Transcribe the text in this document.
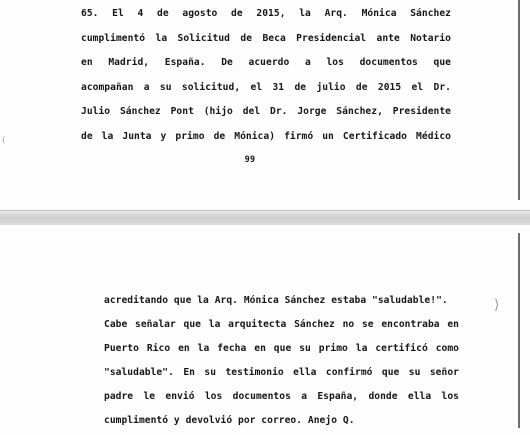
65. El 4 de agosto de 2015, la Arq. Mónica Sánchez
cumplimentó la Solicitud de Beca Presidencial ante Notario
en Madrid, España. De acuerdo a los documentos que
acompañan a su solicitud, el 31 de julio de 2015 el Dr.
Julio Sánchez Pont (hijo del Dr. Jorge Sánchez, Presidente
de la Junta y primo de Mónica) firmó un Certificado Médico
99
⁽
acreditando que la Arq. Mónica Sánchez estaba "saludable!".
Cabe señalar que la arquitecta Sánchez no se encontraba en
Puerto Rico en la fecha en que su primo la certificó como
"saludable". En su testimonio ella confirmó que su señor
padre le envió los documentos a España, donde ella los
cumplimentó y devolvió por correo. Anejo Q.
⟩
